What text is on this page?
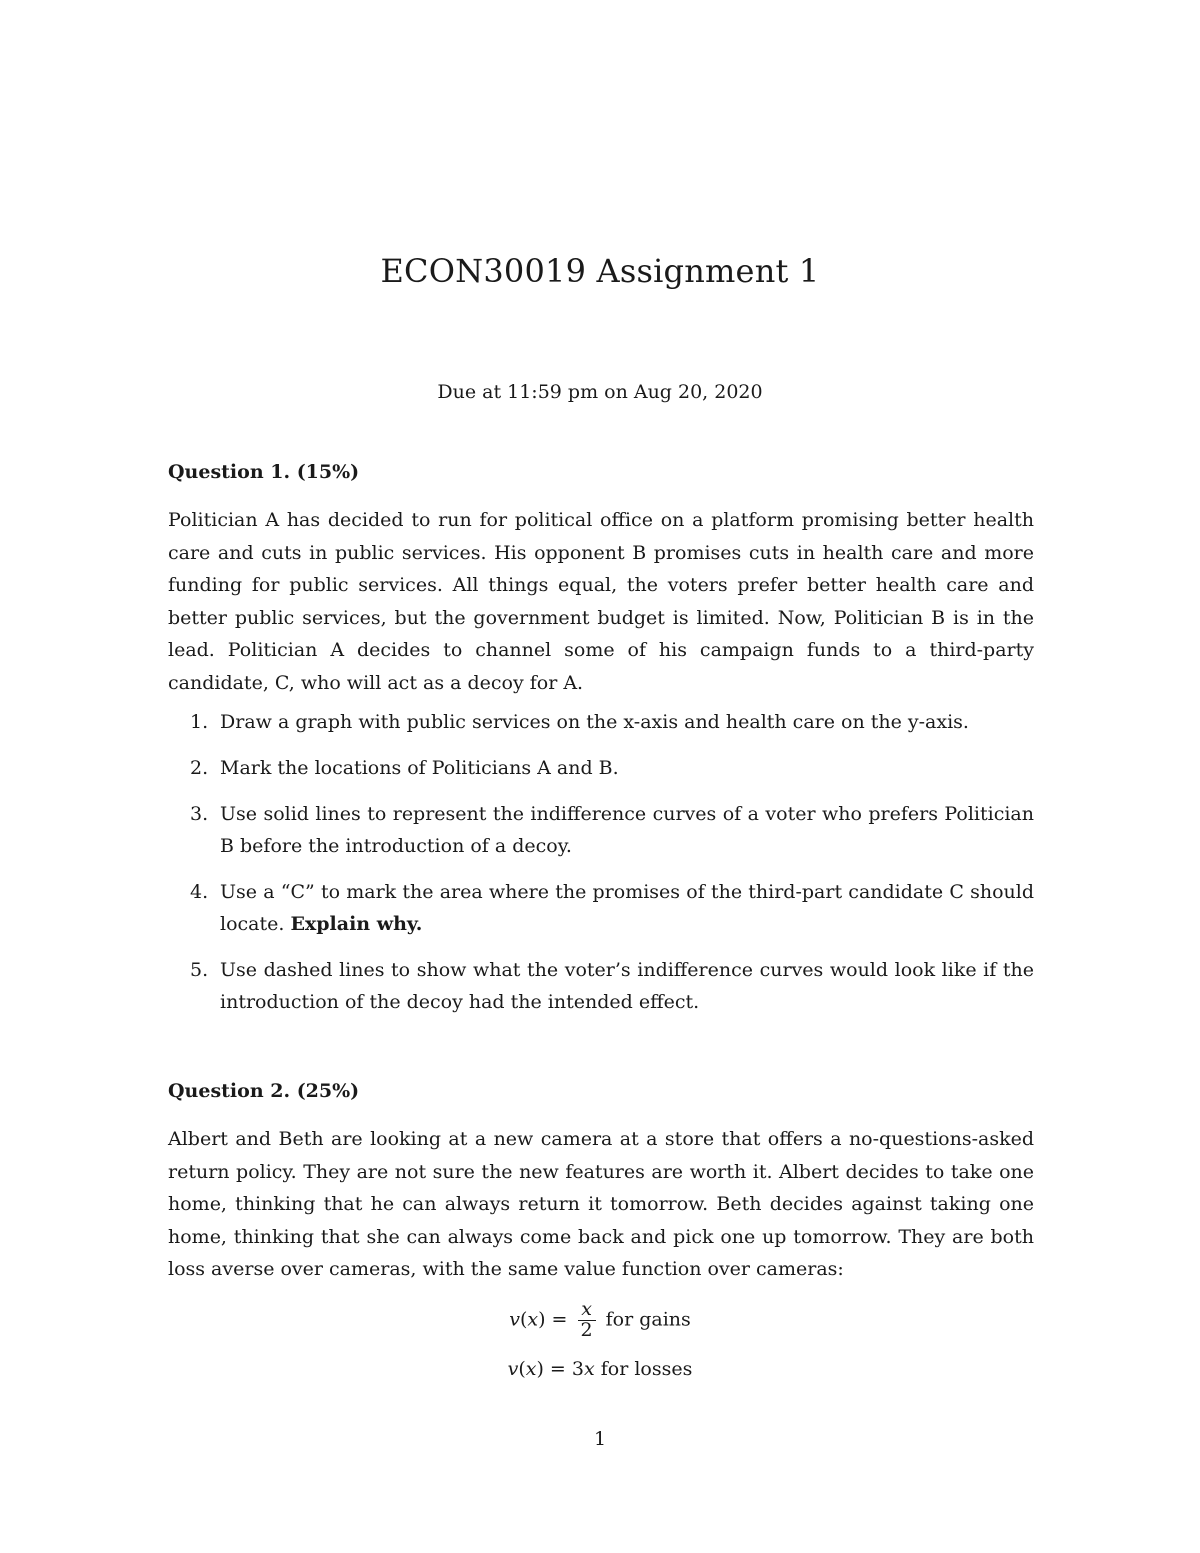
ECON30019 Assignment 1
Due at 11:59 pm on Aug 20, 2020
Question 1. (15%)
Politician A has decided to run for political office on a platform promising better health care and cuts in public services. His opponent B promises cuts in health care and more funding for public services. All things equal, the voters prefer better health care and better public services, but the government budget is limited. Now, Politician B is in the lead. Politician A decides to channel some of his campaign funds to a third-party candidate, C, who will act as a decoy for A.
1. Draw a graph with public services on the x-axis and health care on the y-axis.
2. Mark the locations of Politicians A and B.
3. Use solid lines to represent the indifference curves of a voter who prefers Politician B before the introduction of a decoy.
4. Use a “C” to mark the area where the promises of the third-part candidate C should locate. Explain why.
5. Use dashed lines to show what the voter’s indifference curves would look like if the introduction of the decoy had the intended effect.
Question 2. (25%)
Albert and Beth are looking at a new camera at a store that offers a no-questions-asked return policy. They are not sure the new features are worth it. Albert decides to take one home, thinking that he can always return it tomorrow. Beth decides against taking one home, thinking that she can always come back and pick one up tomorrow. They are both loss averse over cameras, with the same value function over cameras:
$v(x) = \frac{x}{2}$ for gains
v(x) = 3x for losses
1
